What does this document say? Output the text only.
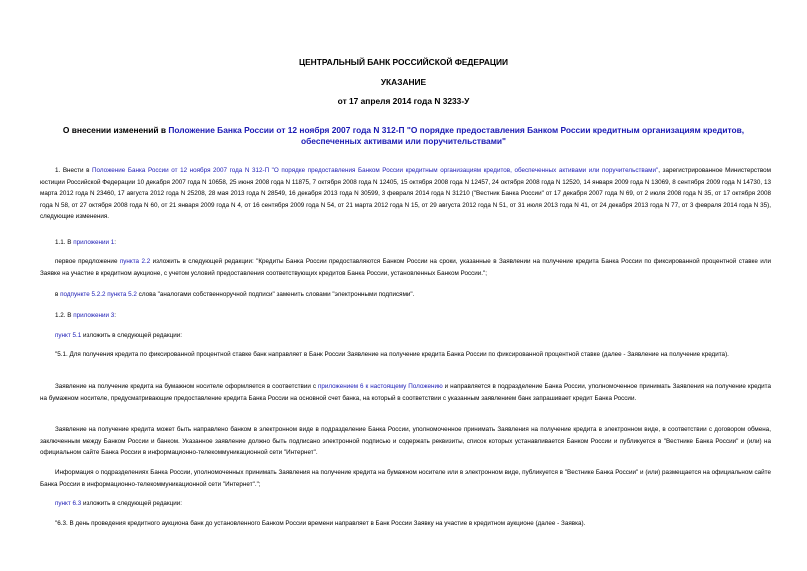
ЦЕНТРАЛЬНЫЙ БАНК РОССИЙСКОЙ ФЕДЕРАЦИИ

УКАЗАНИЕ

от 17 апреля 2014 года N 3233-У

О внесении изменений в Положение Банка России от 12 ноября 2007 года N 312-П "О порядке предоставления Банком России кредитным организациям кредитов, обеспеченных активами или поручительствами"

1. Внести в Положение Банка России от 12 ноября 2007 года N 312-П "О порядке предоставления Банком России кредитным организациям кредитов, обеспеченных активами или поручительствами", зарегистрированное Министерством юстиции Российской Федерации 10 декабря 2007 года N 10658, 25 июня 2008 года N 11875, 7 октября 2008 года N 12405, 15 октября 2008 года N 12457, 24 октября 2008 года N 12520, 14 января 2009 года N 13069, 8 сентября 2009 года N 14730, 13 марта 2012 года N 23460, 17 августа 2012 года N 25208, 28 мая 2013 года N 28549, 16 декабря 2013 года N 30599, 3 февраля 2014 года N 31210 ("Вестник Банка России" от 17 декабря 2007 года N 69, от 2 июля 2008 года N 35, от 17 октября 2008 года N 58, от 27 октября 2008 года N 60, от 21 января 2009 года N 4, от 16 сентября 2009 года N 54, от 21 марта 2012 года N 15, от 29 августа 2012 года N 51, от 31 июля 2013 года N 41, от 24 декабря 2013 года N 77, от 3 февраля 2014 года N 35), следующие изменения.

1.1. В приложении 1:

первое предложение пункта 2.2 изложить в следующей редакции: "Кредиты Банка России предоставляются Банком России на сроки, указанные в Заявлении на получение кредита Банка России по фиксированной процентной ставке или Заявке на участие в кредитном аукционе, с учетом условий предоставления соответствующих кредитов Банка России, установленных Банком России.";

в подпункте 5.2.2 пункта 5.2 слова "аналогами собственноручной подписи" заменить словами "электронными подписями".

1.2. В приложении 3:

пункт 5.1 изложить в следующей редакции:

"5.1. Для получения кредита по фиксированной процентной ставке банк направляет в Банк России Заявление на получение кредита Банка России по фиксированной процентной ставке (далее - Заявление на получение кредита).

Заявление на получение кредита на бумажном носителе оформляется в соответствии с приложением 6 к настоящему Положению и направляется в подразделение Банка России, уполномоченное принимать Заявления на получение кредита на бумажном носителе, предусматривающие предоставление кредита Банка России на основной счет банка, на который в соответствии с указанным заявлением банк запрашивает кредит Банка России.

Заявление на получение кредита может быть направлено банком в электронном виде в подразделение Банка России, уполномоченное принимать Заявления на получение кредита в электронном виде, в соответствии с договором обмена, заключенным между Банком России и банком. Указанное заявление должно быть подписано электронной подписью и содержать реквизиты, список которых устанавливается Банком России и публикуется в "Вестнике Банка России" и (или) на официальном сайте Банка России в информационно-телекоммуникационной сети "Интернет".

Информация о подразделениях Банка России, уполномоченных принимать Заявления на получение кредита на бумажном носителе или в электронном виде, публикуется в "Вестнике Банка России" и (или) размещается на официальном сайте Банка России в информационно-телекоммуникационной сети "Интернет".";

пункт 6.3 изложить в следующей редакции:

"6.3. В день проведения кредитного аукциона банк до установленного Банком России времени направляет в Банк России Заявку на участие в кредитном аукционе (далее - Заявка).
